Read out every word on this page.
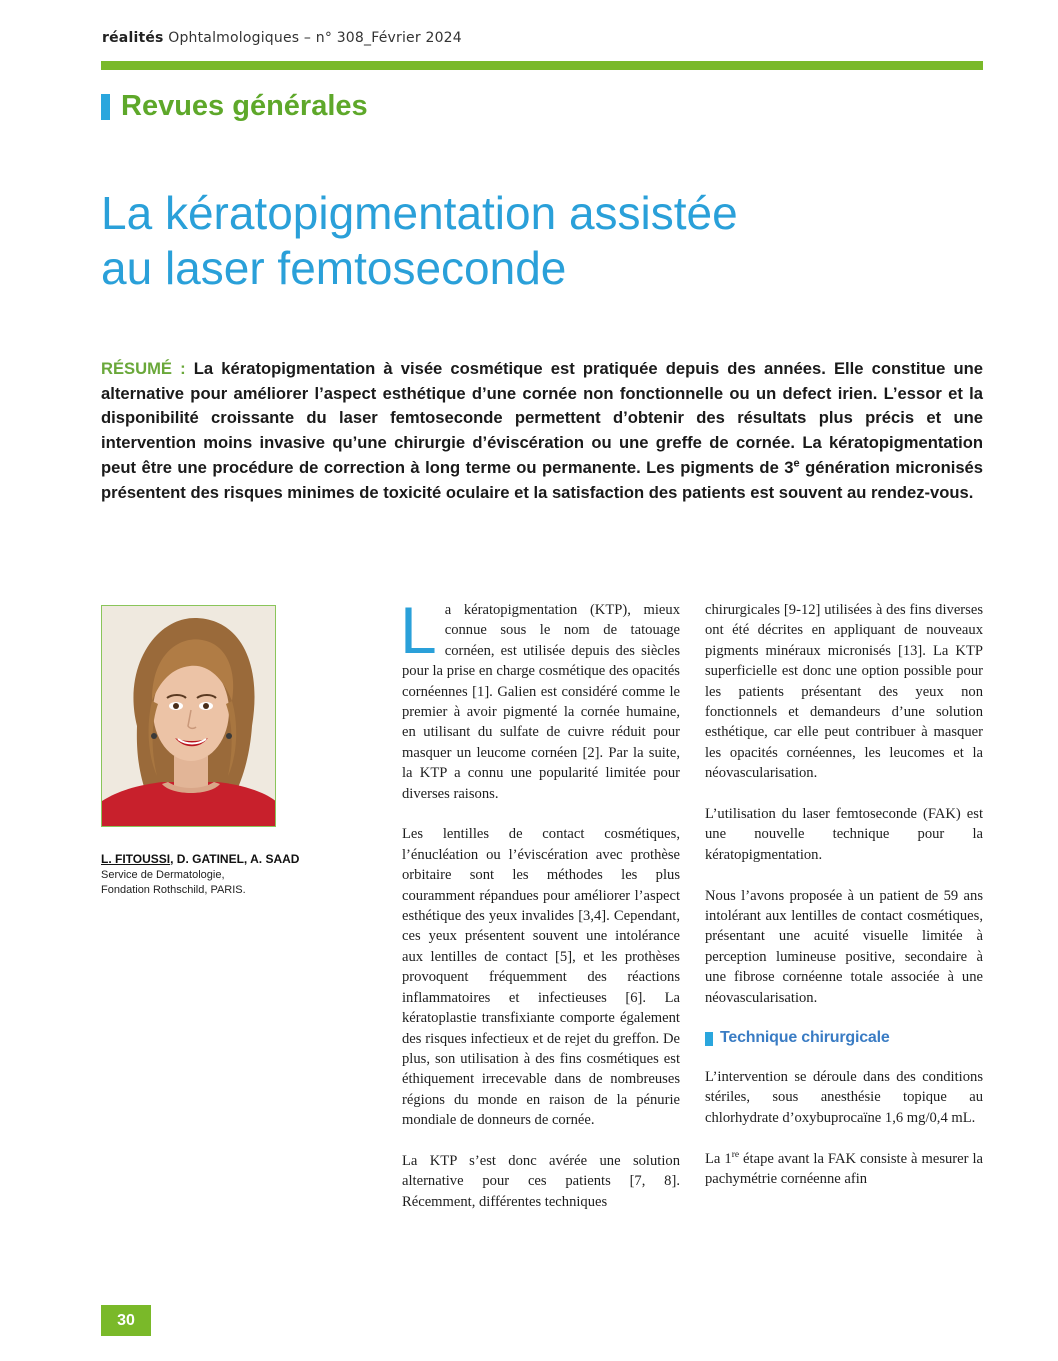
réalités Ophtalmologiques – n° 308_Février 2024
Revues générales
La kératopigmentation assistée
au laser femtoseconde
RÉSUMÉ : La kératopigmentation à visée cosmétique est pratiquée depuis des années. Elle constitue une alternative pour améliorer l’aspect esthétique d’une cornée non fonctionnelle ou un defect irien. L’essor et la disponibilité croissante du laser femtoseconde permettent d’obtenir des résultats plus précis et une intervention moins invasive qu’une chirurgie d’éviscération ou une greffe de cornée. La kératopigmentation peut être une procédure de correction à long terme ou permanente. Les pigments de 3e génération micronisés présentent des risques minimes de toxicité oculaire et la satisfaction des patients est souvent au rendez-vous.
L. FITOUSSI, D. GATINEL, A. SAAD
Service de Dermatologie,
Fondation Rothschild, PARIS.

La kératopigmentation (KTP), mieux connue sous le nom de tatouage cornéen, est utilisée depuis des siècles pour la prise en charge cosmétique des opacités cornéennes [1]. Galien est considéré comme le premier à avoir pigmenté la cornée humaine, en utilisant du sulfate de cuivre réduit pour masquer un leucome cornéen [2]. Par la suite, la KTP a connu une popularité limitée pour diverses raisons.

Les lentilles de contact cosmétiques, l’énucléation ou l’éviscération avec prothèse orbitaire sont les méthodes les plus couramment répandues pour améliorer l’aspect esthétique des yeux invalides [3,4]. Cependant, ces yeux présentent souvent une intolérance aux lentilles de contact [5], et les prothèses provoquent fréquemment des réactions inflammatoires et infectieuses [6]. La kératoplastie transfixiante comporte également des risques infectieux et de rejet du greffon. De plus, son utilisation à des fins cosmétiques est éthiquement irrecevable dans de nombreuses régions du monde en raison de la pénurie mondiale de donneurs de cornée.

La KTP s’est donc avérée une solution alternative pour ces patients [7, 8]. Récemment, différentes techniques

chirurgicales [9-12] utilisées à des fins diverses ont été décrites en appliquant de nouveaux pigments minéraux micronisés [13]. La KTP superficielle est donc une option possible pour les patients présentant des yeux non fonctionnels et demandeurs d’une solution esthétique, car elle peut contribuer à masquer les opacités cornéennes, les leucomes et la néovascularisation.

L’utilisation du laser femtoseconde (FAK) est une nouvelle technique pour la kératopigmentation.

Nous l’avons proposée à un patient de 59 ans intolérant aux lentilles de contact cosmétiques, présentant une acuité visuelle limitée à perception lumineuse positive, secondaire à une fibrose cornéenne totale associée à une néovascularisation.

Technique chirurgicale

L’intervention se déroule dans des conditions stériles, sous anesthésie topique au chlorhydrate d’oxybuprocaïne 1,6 mg/0,4 mL.

La 1re étape avant la FAK consiste à mesurer la pachymétrie cornéenne afin

30
